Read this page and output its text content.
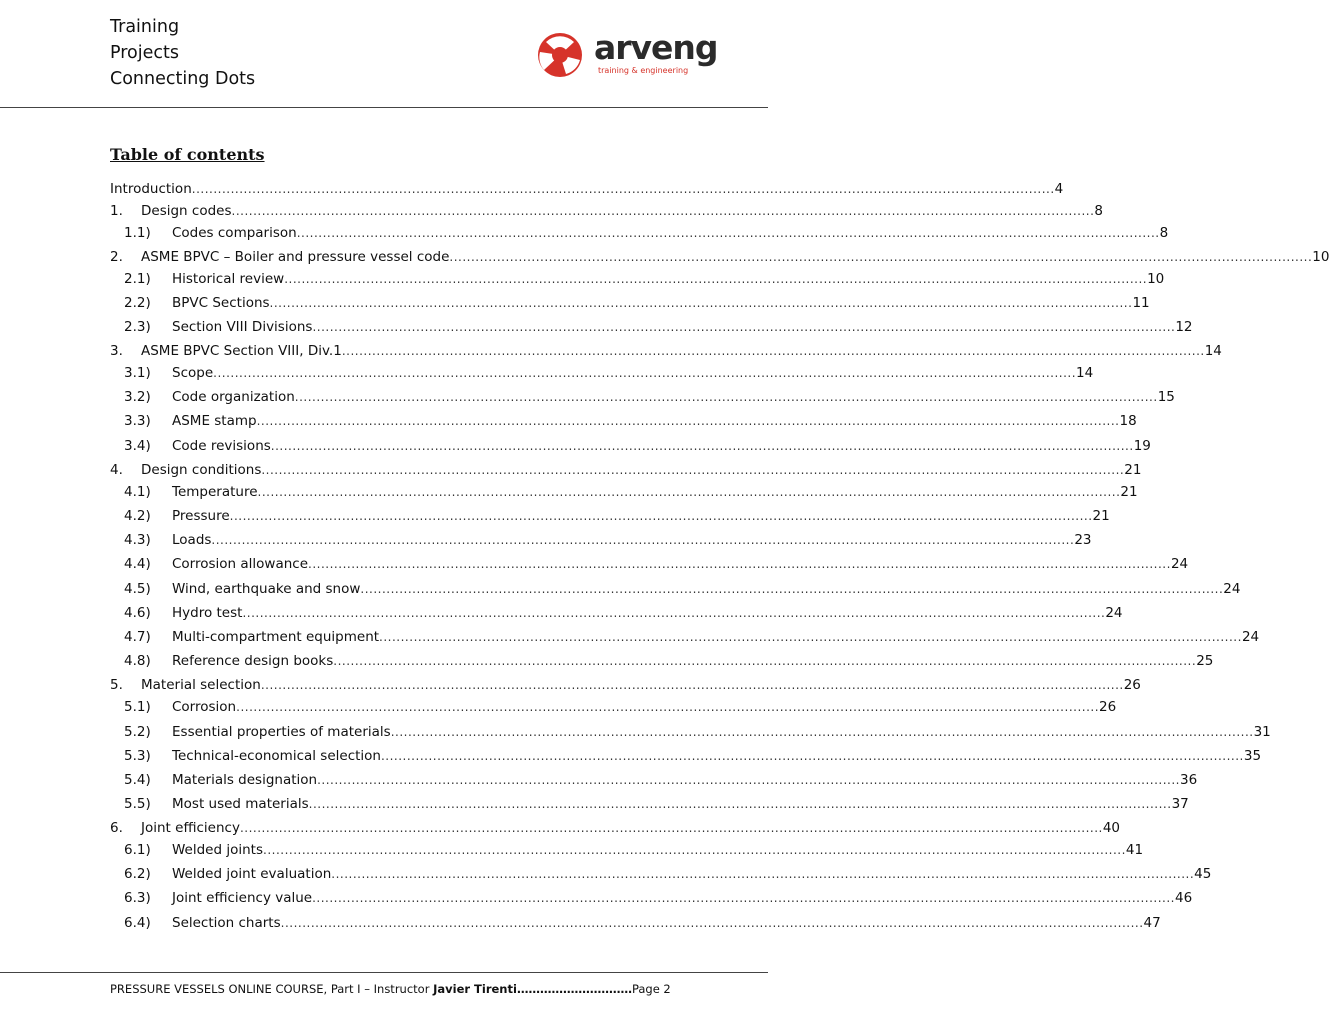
Training
Projects
Connecting Dots
arveng
training & engineering
Table of contents
Introduction ........................................................................................................................................................................................................ 4
1.	Design codes ........................................................................................................................................................................................................ 8
1.1)	Codes comparison ........................................................................................................................................................................................................ 8
2.	ASME BPVC – Boiler and pressure vessel code ........................................................................................................................................................................................................ 10
2.1)	Historical review ........................................................................................................................................................................................................ 10
2.2)	BPVC Sections ........................................................................................................................................................................................................ 11
2.3)	Section VIII Divisions ........................................................................................................................................................................................................ 12
3.	ASME BPVC Section VIII, Div.1 ........................................................................................................................................................................................................ 14
3.1)	Scope ........................................................................................................................................................................................................ 14
3.2)	Code organization ........................................................................................................................................................................................................ 15
3.3)	ASME stamp ........................................................................................................................................................................................................ 18
3.4)	Code revisions ........................................................................................................................................................................................................ 19
4.	Design conditions ........................................................................................................................................................................................................ 21
4.1)	Temperature ........................................................................................................................................................................................................ 21
4.2)	Pressure ........................................................................................................................................................................................................ 21
4.3)	Loads ........................................................................................................................................................................................................ 23
4.4)	Corrosion allowance ........................................................................................................................................................................................................ 24
4.5)	Wind, earthquake and snow ........................................................................................................................................................................................................ 24
4.6)	Hydro test ........................................................................................................................................................................................................ 24
4.7)	Multi-compartment equipment ........................................................................................................................................................................................................ 24
4.8)	Reference design books ........................................................................................................................................................................................................ 25
5.	Material selection ........................................................................................................................................................................................................ 26
5.1)	Corrosion ........................................................................................................................................................................................................ 26
5.2)	Essential properties of materials ........................................................................................................................................................................................................ 31
5.3)	Technical-economical selection ........................................................................................................................................................................................................ 35
5.4)	Materials designation ........................................................................................................................................................................................................ 36
5.5)	Most used materials ........................................................................................................................................................................................................ 37
6.	Joint efficiency ........................................................................................................................................................................................................ 40
6.1)	Welded joints ........................................................................................................................................................................................................ 41
6.2)	Welded joint evaluation ........................................................................................................................................................................................................ 45
6.3)	Joint efficiency value ........................................................................................................................................................................................................ 46
6.4)	Selection charts ........................................................................................................................................................................................................ 47
PRESSURE VESSELS ONLINE COURSE, Part I – Instructor Javier Tirenti…………………………Page 2
